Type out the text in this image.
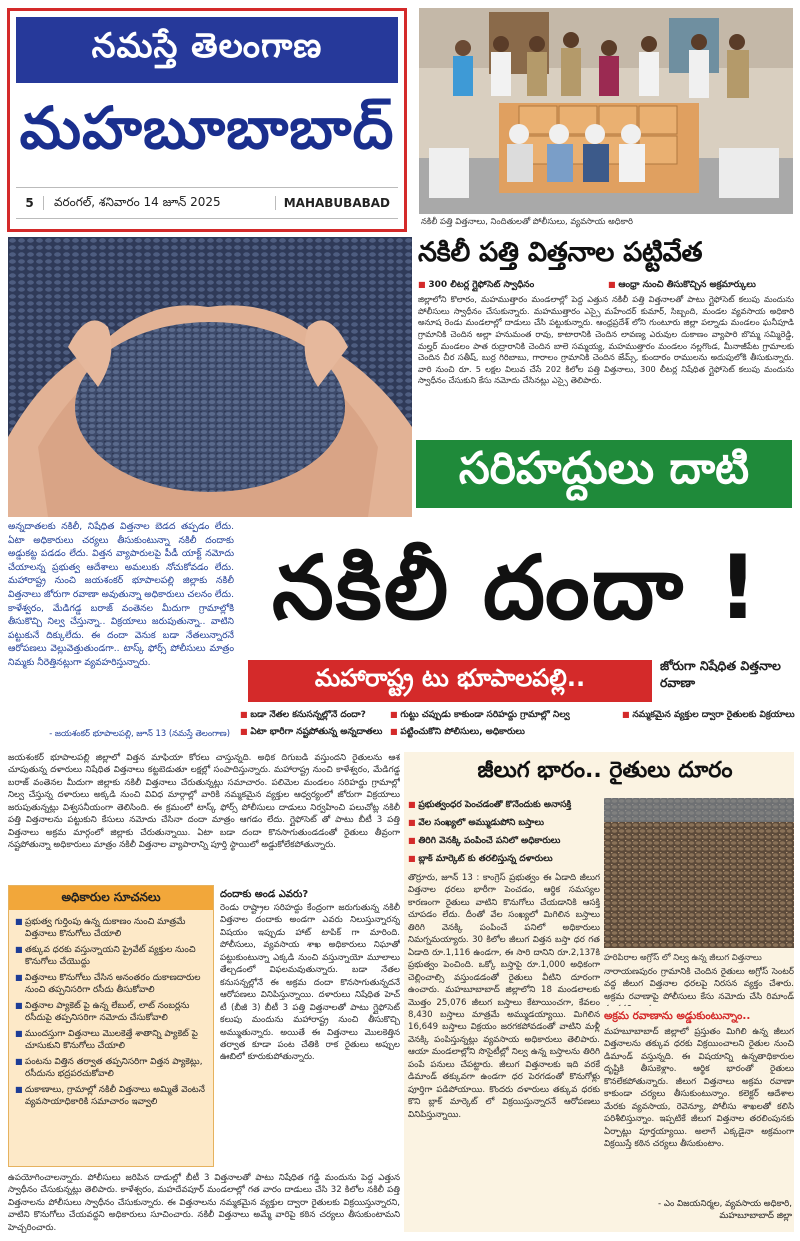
నమస్తే తెలంగాణ
మహబూబాబాద్
5	వరంగల్, శనివారం 14 జూన్ 2025	MAHABUBABAD
నకిలీ పత్తి విత్తనాలు, నిందితులతో పోలీసులు, వ్యవసాయ అధికారి
నకిలీ పత్తి విత్తనాల పట్టివేత
■ 300 లీటర్ల గ్లైఫోసెట్ స్వాధీనం	■ ఆంధ్రా నుంచి తీసుకొచ్చిన అక్రమార్కులు
జిల్లాలోని కొలారం, మహముత్తారం మండలాల్లో పెద్ద ఎత్తున నకిలీ పత్తి విత్తనాలతో పాటు గ్లైఫోసెట్ కలుపు మందును పోలీసులు స్వాధీనం చేసుకున్నారు. మహముత్తారం ఎస్సై మహేందర్ కుమార్, సిబ్బంది, మండల వ్యవసాయ అధికారి అనూష రెండు మండలాల్లో దాడులు చేసి పట్టుకున్నారు. ఆంధ్రప్రదేశ్ లోని గుంటూరు జిల్లా పల్నాడు మండలం ఘనీపూడి గ్రామానికి చెందిన అల్లా హనుమంత రావు, కాటారానికి చెందిన లావణ్య ఎరువుల దుకాణం వ్యాపారి బొమ్మ సమ్మిరెడ్డి, మల్హర్ మండలం పాత రుద్రారానికి చెందిన బాలె సమ్మయ్య, మహముత్తారం మండలం నల్లగొండ, మీనాజీపేట గ్రామాలకు చెందిన చీర సతీష్, బుర్ర గిరిబాబు, గారాలం గ్రామానికి చెందిన జేమ్స్, కుందారం రాములను అదుపులోకి తీసుకున్నారు. వారి నుంచి రూ. 5 లక్షల విలువ చేసే 202 కిలోల పత్తి విత్తనాలు, 300 లీటర్ల నిషేధిత గ్లైఫోసెట్ కలుపు మందును స్వాధీనం చేసుకుని కేసు నమోదు చేసినట్లు ఎస్సై తెలిపారు.
సరిహద్దులు దాటి
అన్నదాతలకు నకిలీ, నిషేధిత విత్తనాల బెడద తప్పడం లేదు. ఏటా అధికారులు చర్యలు తీసుకుంటున్నా నకిలీ దందాకు అడ్డుకట్ట పడడం లేదు. విత్తన వ్యాపారులపై పీడీ యాక్ట్ నమోదు చేయాలన్న ప్రభుత్వ ఆదేశాలు అమలుకు నోచుకోవడం లేదు. మహారాష్ట్ర నుంచి జయశంకర్ భూపాలపల్లి జిల్లాకు నకిలీ విత్తనాలు జోరుగా రవాణా అవుతున్నా అధికారులు చలనం లేదు. కాళేశ్వరం, మేడిగడ్డ బరాజ్ వంతెనల మీదుగా గ్రామాల్లోకి తీసుకొచ్చి నిల్వ చేస్తున్నా.. విక్రయాలు జరుపుతున్నా.. వాటిని పట్టుకునే దిక్కులేదు. ఈ దందా వెనుక బడా నేతలున్నారనే ఆరోపణలు వెల్లువెత్తుతుండగా.. టాస్క్ ఫోర్స్ పోలీసులు మాత్రం నిమ్మకు నీరెత్తినట్లుగా వ్యవహరిస్తున్నారు.
- జయశంకర్ భూపాలపల్లి, జూన్ 13 (నమస్తే తెలంగాణ)
నకిలీ దందా !
మహారాష్ట్ర టు భూపాలపల్లి..	జోరుగా నిషేధిత విత్తనాల రవాణా
■ బడా నేతల కనుసన్నల్లోనే దందా?	■ గుట్టు చప్పుడు కాకుండా సరిహద్దు గ్రామాల్లో నిల్వ	■ నమ్మకమైన వ్యక్తుల ద్వారా రైతులకు విక్రయాలు
■ ఏటా భారీగా నష్టపోతున్న అన్నదాతలు	■ పట్టించుకోని పోలీసులు, అధికారులు
జయశంకర్ భూపాలపల్లి జిల్లాలో విత్తన మాఫియా కోరలు చాస్తున్నది. అధిక దిగుబడి వస్తుందని రైతులను ఆశ చూపుతున్న దళారులు నిషేధిత విత్తనాలు కట్టబెడుతూ లక్షల్లో సంపాదిస్తున్నారు. మహారాష్ట్ర నుంచి కాళేశ్వరం, మేడిగడ్డ బరాజ్ వంతెనల మీదుగా జిల్లాకు నకిలీ విత్తనాలు చేరుతున్నట్లు సమాచారం. పలిమెల మండలం సరిహద్దు గ్రామాల్లో నిల్వ చేస్తున్న దళారులు అక్కడి నుంచి వివిధ మార్గాల్లో వారికి నమ్మకమైన వ్యక్తుల ఆధ్వర్యంలో జోరుగా విక్రయాలు జరుపుతున్నట్లు విశ్వసనీయంగా తెలిసింది. ఈ క్రమంలో టాస్క్ ఫోర్స్ పోలీసులు దాడులు నిర్వహించి పలుచోట్ల నకిలీ పత్తి విత్తనాలను పట్టుకుని కేసులు నమోదు చేసినా దందా మాత్రం ఆగడం లేదు. గ్లైఫోసెట్ తో పాటు బీటీ 3 పత్తి విత్తనాలు అక్రమ మార్గంలో జిల్లాకు చేరుతున్నాయి. ఏటా బడా దందా కొనసాగుతుండడంతో రైతులు తీవ్రంగా నష్టపోతున్నా అధికారులు మాత్రం నకిలీ విత్తనాల వ్యాపారాన్ని పూర్తి స్థాయిలో అడ్డుకోలేకపోతున్నారు.
దందాకు అండ ఎవరు?
రెండు రాష్ట్రాల సరిహద్దు కేంద్రంగా జరుగుతున్న నకిలీ విత్తనాల దందాకు అండగా ఎవరు నిలుస్తున్నారన్న విషయం ఇప్పుడు హాట్ టాపిక్ గా మారింది. పోలీసులు, వ్యవసాయ శాఖ అధికారులు నిఘాతో పట్టుకుంటున్నా ఎక్కడి నుంచి వస్తున్నాయో మూలాలు తేల్చడంలో విఫలమవుతున్నారు. బడా నేతల కనుసన్నల్లోనే ఈ అక్రమ దందా కొనసాగుతున్నదనే ఆరోపణలు వినిపిస్తున్నాయి. దళారులు నిషేధిత హెచ్ టీ (బీజీ 3) బీటీ 3 పత్తి విత్తనాలతో పాటు గ్లైఫోసెట్ కలుపు మందును మహారాష్ట్ర నుంచి తీసుకొచ్చి అమ్ముతున్నారు. అయితే ఈ విత్తనాలు మొలకెత్తిన తర్వాత కూడా పంట చేతికి రాక రైతులు అప్పుల ఊబిలో కూరుకుపోతున్నారు.
అధికారుల సూచనలు
■ ప్రభుత్వ గుర్తింపు ఉన్న దుకాణం నుంచి మాత్రమే విత్తనాలు కొనుగోలు చేయాలి
■ తక్కువ ధరకు వస్తున్నాయని ప్రైవేట్ వ్యక్తుల నుంచి కొనుగోలు చేయొద్దు
■ విత్తనాలు కొనుగోలు చేసిన అనంతరం దుకాణదారుల నుంచి తప్పనిసరిగా రసీదు తీసుకోవాలి
■ విత్తనాల ప్యాకెట్ పై ఉన్న లేబుల్, లాట్ నంబర్లను రసీదుపై తప్పనిసరిగా నమోదు చేసుకోవాలి
■ ముందస్తుగా విత్తనాలు మొలకెత్తే శాతాన్ని ప్యాకెట్ పై చూసుకుని కొనుగోలు చేయాలి
■ పంటను విత్తిన తర్వాత తప్పనిసరిగా విత్తన ప్యాకెట్లు, రసీదును భద్రపరచుకోవాలి
■ దుకాణాలు, గ్రామాల్లో నకిలీ విత్తనాలు అమ్మితే వెంటనే వ్యవసాయాధికారికి సమాచారం ఇవ్వాలి
ఉపయోగించాలన్నారు. పోలీసులు జరిపిన దాడుల్లో బీటీ 3 విత్తనాలతో పాటు నిషేధిత గడ్డి మందును పెద్ద ఎత్తున స్వాధీనం చేసుకున్నట్లు తెలిపారు. కాళేశ్వరం, మహదేవపూర్ మండలాల్లో గత వారం దాడులు చేసి 32 కిలోల నకిలీ పత్తి విత్తనాలను పోలీసులు స్వాధీనం చేసుకున్నారు. ఈ విత్తనాలను నమ్మకమైన వ్యక్తుల ద్వారా రైతులకు విక్రయిస్తున్నారని, వాటిని కొనుగోలు చేయవద్దని అధికారులు సూచించారు. నకిలీ విత్తనాలు అమ్మే వారిపై కఠిన చర్యలు తీసుకుంటామని హెచ్చరించారు.
జీలుగ భారం.. రైతులు దూరం
■ ప్రభుత్వంధర పెంచడంతో కొనేందుకు అనాసక్తి
■ వేల సంఖ్యలో అమ్ముడుపోని బస్తాలు
■ తిరిగి వెనక్కి పంపించే పనిలో అధికారులు
■ బ్లాక్ మార్కెట్ కు తరలిస్తున్న దళారులు
తొర్రూరు, జూన్ 13 : కాంగ్రెస్ ప్రభుత్వం ఈ ఏడాది జీలుగ విత్తనాల ధరలు భారీగా పెంచడం, ఆర్థిక సమస్యల కారణంగా రైతులు వాటిని కొనుగోలు చేయడానికి ఆసక్తి చూపడం లేదు. దీంతో వేల సంఖ్యలో మిగిలిన బస్తాలు తిరిగి వెనక్కి పంపించే పనిలో అధికారులు నిమగ్నమయ్యారు. 30 కిలోల జీలుగ విత్తన బస్తా ధర గత ఏడాది రూ.1,116 ఉండగా, ఈ సారి దానిని రూ.2,137కి ప్రభుత్వం పెంచింది. ఒక్కో బస్తాపై రూ.1,000 అధికంగా చెల్లించాల్సి వస్తుండడంతో రైతులు వీటిని దూరంగా ఉంచారు. మహబూబాబాద్ జిల్లాలోని 18 మండలాలకు మొత్తం 25,076 జీలుగ బస్తాలు కేటాయించగా, కేవలం 8,430 బస్తాలు మాత్రమే అమ్ముడయ్యాయి. మిగిలిన 16,649 బస్తాలు విక్రయం జరగకపోవడంతో వాటిని మళ్లీ వెనక్కి పంపిస్తున్నట్లు వ్యవసాయ అధికారులు తెలిపారు. ఆయా మండలాల్లోని సొసైటీల్లో నిల్వ ఉన్న బస్తాలను తిరిగి పంపే పనులు చేపట్టారు. జీలుగ విత్తనాలకు ఇది వరకే డిమాండ్ తక్కువగా ఉండగా ధర పెరగడంతో కొనుగోళ్లు పూర్తిగా పడిపోయాయి. కొందరు దళారులు తక్కువ ధరకు కొని బ్లాక్ మార్కెట్ లో విక్రయిస్తున్నారనే ఆరోపణలు వినిపిస్తున్నాయి.
హరిపిరాల అగ్రోస్ లో నిల్వ ఉన్న జీలుగ విత్తనాలు
నారాయణపురం గ్రామానికి చెందిన రైతులు అగ్రోస్ సెంటర్ వద్ద జీలుగ విత్తనాల ధరలపై నిరసన వ్యక్తం చేశారు. అక్రమ రవాణాపై పోలీసులు కేసు నమోదు చేసి రిమాండ్
అక్రమ రవాణాను అడ్డుకుంటున్నాం..
మహబూబాబాద్ జిల్లాలో ప్రస్తుతం మిగిలి ఉన్న జీలుగ విత్తనాలను తక్కువ ధరకు విక్రయించాలని రైతుల నుంచి డిమాండ్ వస్తున్నది. ఈ విషయాన్ని ఉన్నతాధికారుల దృష్టికి తీసుకెళ్లాం. ఆర్థిక భారంతో రైతులు కొనలేకపోతున్నారు. జీలుగ విత్తనాలు అక్రమ రవాణా కాకుండా చర్యలు తీసుకుంటున్నాం. కలెక్టర్ ఆదేశాల మేరకు వ్యవసాయ, రెవెన్యూ, పోలీసు శాఖలతో కలిసి పరిశీలిస్తున్నాం. ఇప్పటికే జీలుగ విత్తనాల తరలింపునకు ఏర్పాట్లు పూర్తయ్యాయి. అలాగే ఎక్కడైనా అక్రమంగా విక్రయిస్తే కఠిన చర్యలు తీసుకుంటాం.
- ఎం విజయనిర్మల, వ్యవసాయ అధికారి, మహబూబాబాద్ జిల్లా
